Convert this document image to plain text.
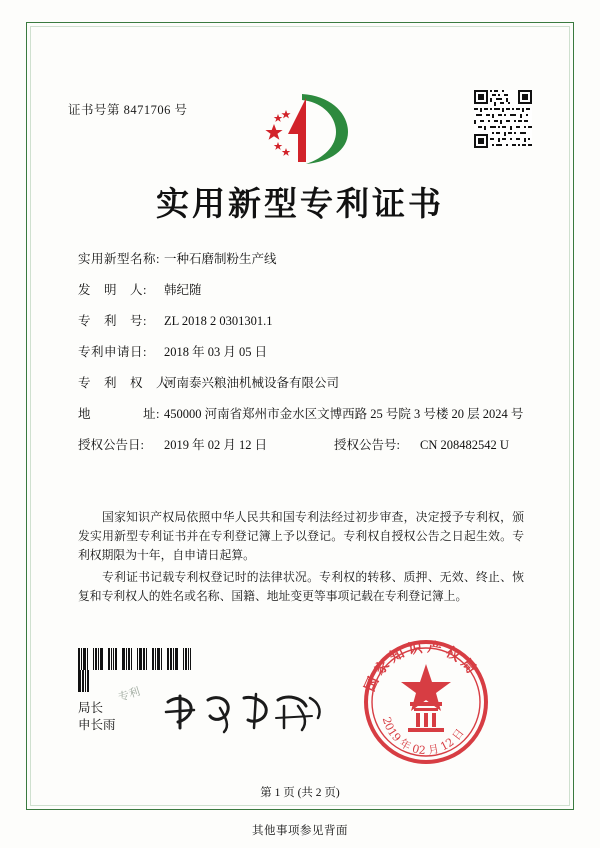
证书号第 8471706 号
实用新型专利证书
实用新型名称: 一种石磨制粉生产线
发　明　人:	韩纪随
专　利　号:	ZL 2018 2 0301301.1
专利申请日:	2018 年 03 月 05 日
专　利　权　人:
河南泰兴粮油机械设备有限公司
地　　　　址: 450000 河南省郑州市金水区文博西路 25 号院 3 号楼 20 层 2024 号
授权公告日:	2019 年 02 月 12 日	授权公告号:	CN 208482542 U

国家知识产权局依照中华人民共和国专利法经过初步审查，决定授予专利权，颁发实用新型专利证书并在专利登记簿上予以登记。专利权自授权公告之日起生效。专利权期限为十年，自申请日起算。

专利证书记载专利权登记时的法律状况。专利权的转移、质押、无效、终止、恢复和专利权人的姓名或名称、国籍、地址变更等事项记载在专利登记簿上。

局长
申长雨
专利
国家知识产权局
2019 年 02 月 12 日
第 1 页 (共 2 页)
其他事项参见背面
